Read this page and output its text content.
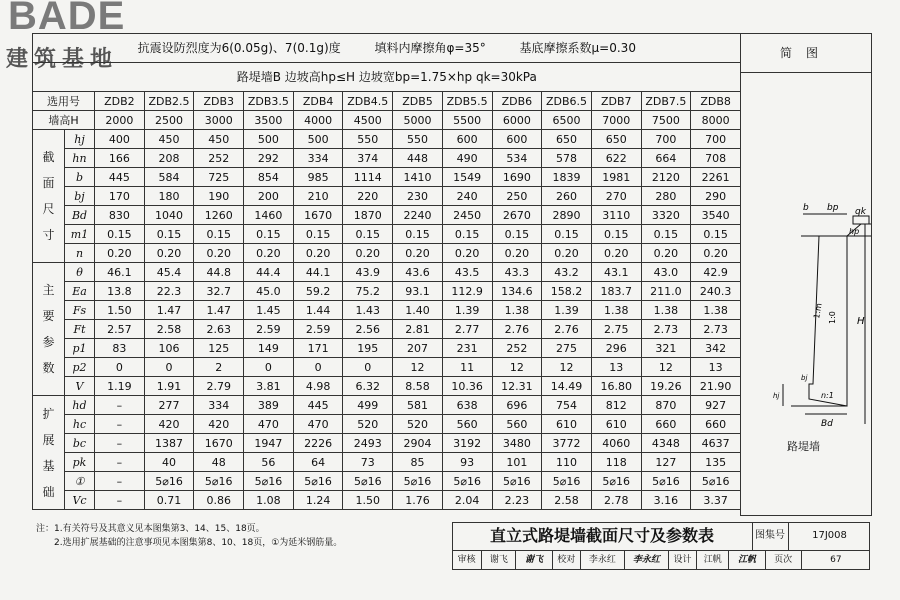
BADE
建筑基地 抗震设防烈度为6(0.05g)、7(0.1g)度 填料内摩擦角φ=35° 基底摩擦系数μ=0.30														
路堤墙B 边坡高hp≤H 边坡宽bp=1.75×hp qk=30kPa														
选用号		ZDB2	ZDB2.5	ZDB3	ZDB3.5	ZDB4	ZDB4.5	ZDB5	ZDB5.5	ZDB6	ZDB6.5	ZDB7	ZDB7.5	ZDB8
墙高H		2000	2500	3000	3500	4000	4500	5000	5500	6000	6500	7000	7500	8000
截面尺寸	hj	400	450	450	500	500	550	550	600	600	650	650	700	700
	hn	166	208	252	292	334	374	448	490	534	578	622	664	708
	b	445	584	725	854	985	1114	1410	1549	1690	1839	1981	2120	2261
	bj	170	180	190	200	210	220	230	240	250	260	270	280	290
	Bd	830	1040	1260	1460	1670	1870	2240	2450	2670	2890	3110	3320	3540
	m1	0.15	0.15	0.15	0.15	0.15	0.15	0.15	0.15	0.15	0.15	0.15	0.15	0.15
	n	0.20	0.20	0.20	0.20	0.20	0.20	0.20	0.20	0.20	0.20	0.20	0.20	0.20
主要参数	θ	46.1	45.4	44.8	44.4	44.1	43.9	43.6	43.5	43.3	43.2	43.1	43.0	42.9
	Ea	13.8	22.3	32.7	45.0	59.2	75.2	93.1	112.9	134.6	158.2	183.7	211.0	240.3
	Fs	1.50	1.47	1.47	1.45	1.44	1.43	1.40	1.39	1.38	1.39	1.38	1.38	1.38
	Ft	2.57	2.58	2.63	2.59	2.59	2.56	2.81	2.77	2.76	2.76	2.75	2.73	2.73
	p1	83	106	125	149	171	195	207	231	252	275	296	321	342
	p2	0	0	2	0	0	0	12	11	12	12	13	12	13
	V	1.19	1.91	2.79	3.81	4.98	6.32	8.58	10.36	12.31	14.49	16.80	19.26	21.90
扩展基础	hd	–	277	334	389	445	499	581	638	696	754	812	870	927
	hc	–	420	420	470	470	520	520	560	560	610	610	660	660
	bc	–	1387	1670	1947	2226	2493	2904	3192	3480	3772	4060	4348	4637
	pk	–	40	48	56	64	73	85	93	101	110	118	127	135
	①	–	5⌀16	5⌀16	5⌀16	5⌀16	5⌀16	5⌀16	5⌀16	5⌀16	5⌀16	5⌀16	5⌀16	5⌀16
	Vc	–	0.71	0.86	1.08	1.24	1.50	1.76	2.04	2.23	2.58	2.78	3.16	3.37
简图
b bp qk
hp
H
1:m 1:0
n:1
bj
hj
Bd
路堤墙
注：1.有关符号及其意义见本图集第3、14、15、18页。
2.选用扩展基础的注意事项见本图集第8、10、18页，①为延米钢筋量。	直立式路堤墙截面尺寸及参数表	图集号	17J008
审核	谢飞	谢飞	校对	李永红	李永红	设计	江帆	江帆	页次	67
